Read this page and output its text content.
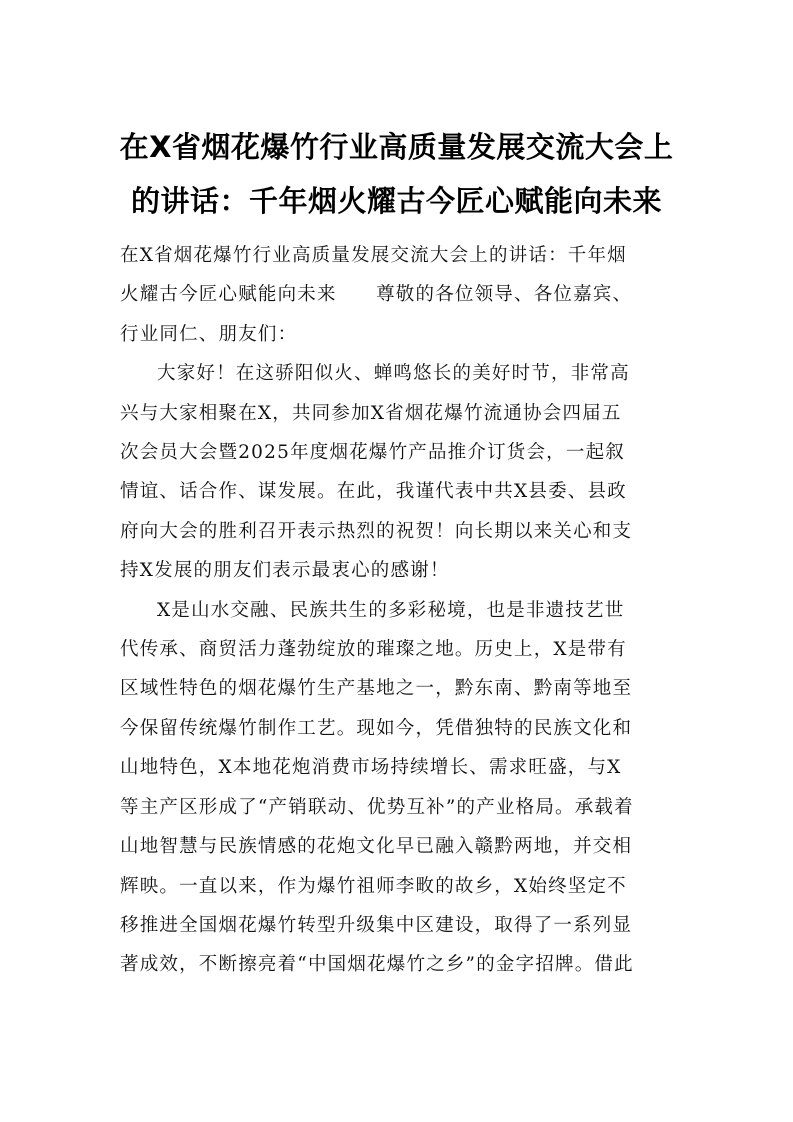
在X省烟花爆竹行业高质量发展交流大会上
的讲话：千年烟火耀古今匠心赋能向未来

在X省烟花爆竹行业高质量发展交流大会上的讲话：千年烟
火耀古今匠心赋能向未来　　尊敬的各位领导、各位嘉宾、
行业同仁、朋友们：

大家好！在这骄阳似火、蝉鸣悠长的美好时节，非常高
兴与大家相聚在X，共同参加X省烟花爆竹流通协会四届五
次会员大会暨2025年度烟花爆竹产品推介订货会，一起叙
情谊、话合作、谋发展。在此，我谨代表中共X县委、县政
府向大会的胜利召开表示热烈的祝贺！向长期以来关心和支
持X发展的朋友们表示最衷心的感谢！

X是山水交融、民族共生的多彩秘境，也是非遗技艺世
代传承、商贸活力蓬勃绽放的璀璨之地。历史上，X是带有
区域性特色的烟花爆竹生产基地之一，黔东南、黔南等地至
今保留传统爆竹制作工艺。现如今，凭借独特的民族文化和
山地特色，X本地花炮消费市场持续增长、需求旺盛，与X
等主产区形成了“产销联动、优势互补”的产业格局。承载着
山地智慧与民族情感的花炮文化早已融入赣黔两地，并交相
辉映。一直以来，作为爆竹祖师李畋的故乡，X始终坚定不
移推进全国烟花爆竹转型升级集中区建设，取得了一系列显
著成效，不断擦亮着“中国烟花爆竹之乡”的金字招牌。借此
